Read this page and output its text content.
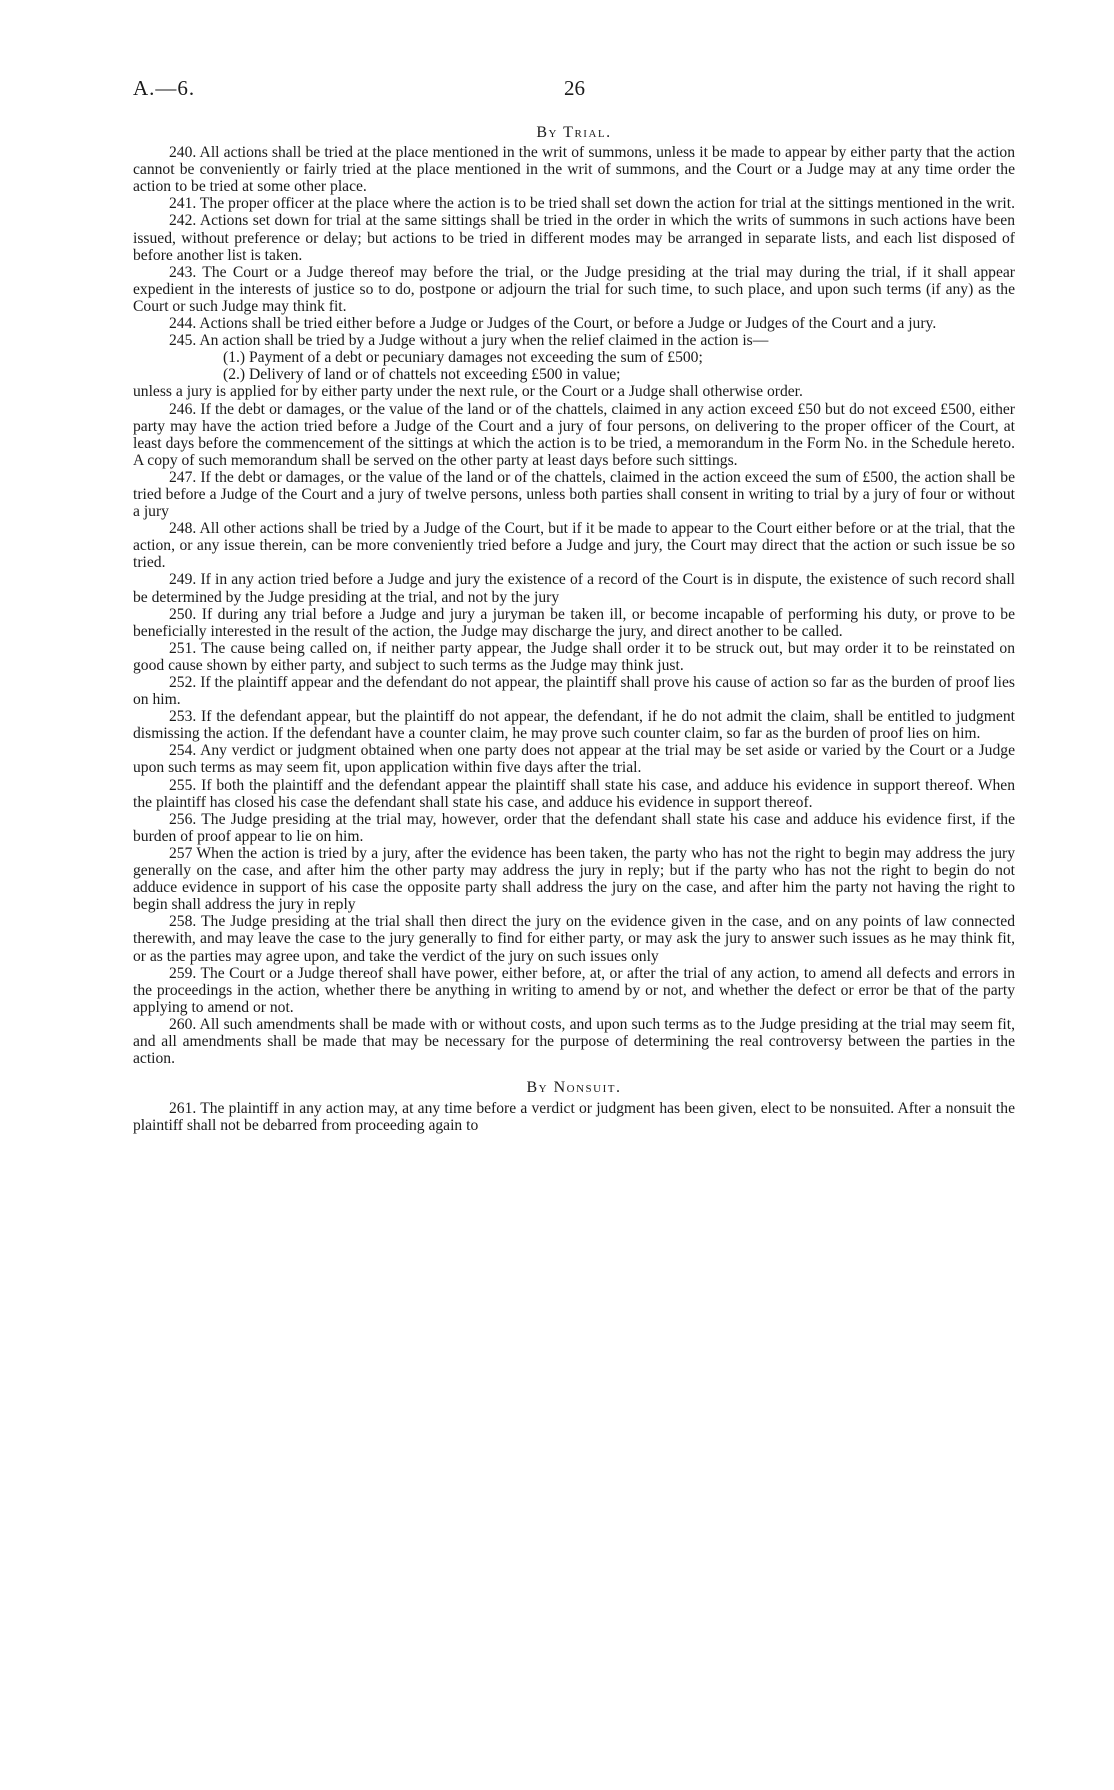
A.—6.	26

By Trial.

240. All actions shall be tried at the place mentioned in the writ of summons, unless it be made to appear by either party that the action cannot be conveniently or fairly tried at the place mentioned in the writ of summons, and the Court or a Judge may at any time order the action to be tried at some other place.

241. The proper officer at the place where the action is to be tried shall set down the action for trial at the sittings mentioned in the writ.

242. Actions set down for trial at the same sittings shall be tried in the order in which the writs of summons in such actions have been issued, without preference or delay; but actions to be tried in different modes may be arranged in separate lists, and each list disposed of before another list is taken.

243. The Court or a Judge thereof may before the trial, or the Judge presiding at the trial may during the trial, if it shall appear expedient in the interests of justice so to do, postpone or adjourn the trial for such time, to such place, and upon such terms (if any) as the Court or such Judge may think fit.

244. Actions shall be tried either before a Judge or Judges of the Court, or before a Judge or Judges of the Court and a jury.

245. An action shall be tried by a Judge without a jury when the relief claimed in the action is—

(1.) Payment of a debt or pecuniary damages not exceeding the sum of £500;

(2.) Delivery of land or of chattels not exceeding £500 in value;

unless a jury is applied for by either party under the next rule, or the Court or a Judge shall otherwise order.

246. If the debt or damages, or the value of the land or of the chattels, claimed in any action exceed £50 but do not exceed £500, either party may have the action tried before a Judge of the Court and a jury of four persons, on delivering to the proper officer of the Court, at least days before the commencement of the sittings at which the action is to be tried, a memorandum in the Form No. in the Schedule hereto. A copy of such memorandum shall be served on the other party at least days before such sittings.

247. If the debt or damages, or the value of the land or of the chattels, claimed in the action exceed the sum of £500, the action shall be tried before a Judge of the Court and a jury of twelve persons, unless both parties shall consent in writing to trial by a jury of four or without a jury

248. All other actions shall be tried by a Judge of the Court, but if it be made to appear to the Court either before or at the trial, that the action, or any issue therein, can be more conveniently tried before a Judge and jury, the Court may direct that the action or such issue be so tried.

249. If in any action tried before a Judge and jury the existence of a record of the Court is in dispute, the existence of such record shall be determined by the Judge presiding at the trial, and not by the jury

250. If during any trial before a Judge and jury a juryman be taken ill, or become incapable of performing his duty, or prove to be beneficially interested in the result of the action, the Judge may discharge the jury, and direct another to be called.

251. The cause being called on, if neither party appear, the Judge shall order it to be struck out, but may order it to be reinstated on good cause shown by either party, and subject to such terms as the Judge may think just.

252. If the plaintiff appear and the defendant do not appear, the plaintiff shall prove his cause of action so far as the burden of proof lies on him.

253. If the defendant appear, but the plaintiff do not appear, the defendant, if he do not admit the claim, shall be entitled to judgment dismissing the action. If the defendant have a counter claim, he may prove such counter claim, so far as the burden of proof lies on him.

254. Any verdict or judgment obtained when one party does not appear at the trial may be set aside or varied by the Court or a Judge upon such terms as may seem fit, upon application within five days after the trial.

255. If both the plaintiff and the defendant appear the plaintiff shall state his case, and adduce his evidence in support thereof. When the plaintiff has closed his case the defendant shall state his case, and adduce his evidence in support thereof.

256. The Judge presiding at the trial may, however, order that the defendant shall state his case and adduce his evidence first, if the burden of proof appear to lie on him.

257 When the action is tried by a jury, after the evidence has been taken, the party who has not the right to begin may address the jury generally on the case, and after him the other party may address the jury in reply; but if the party who has not the right to begin do not adduce evidence in support of his case the opposite party shall address the jury on the case, and after him the party not having the right to begin shall address the jury in reply

258. The Judge presiding at the trial shall then direct the jury on the evidence given in the case, and on any points of law connected therewith, and may leave the case to the jury generally to find for either party, or may ask the jury to answer such issues as he may think fit, or as the parties may agree upon, and take the verdict of the jury on such issues only

259. The Court or a Judge thereof shall have power, either before, at, or after the trial of any action, to amend all defects and errors in the proceedings in the action, whether there be anything in writing to amend by or not, and whether the defect or error be that of the party applying to amend or not.

260. All such amendments shall be made with or without costs, and upon such terms as to the Judge presiding at the trial may seem fit, and all amendments shall be made that may be necessary for the purpose of determining the real controversy between the parties in the action.

By Nonsuit.

261. The plaintiff in any action may, at any time before a verdict or judgment has been given, elect to be nonsuited. After a nonsuit the plaintiff shall not be debarred from proceeding again to
